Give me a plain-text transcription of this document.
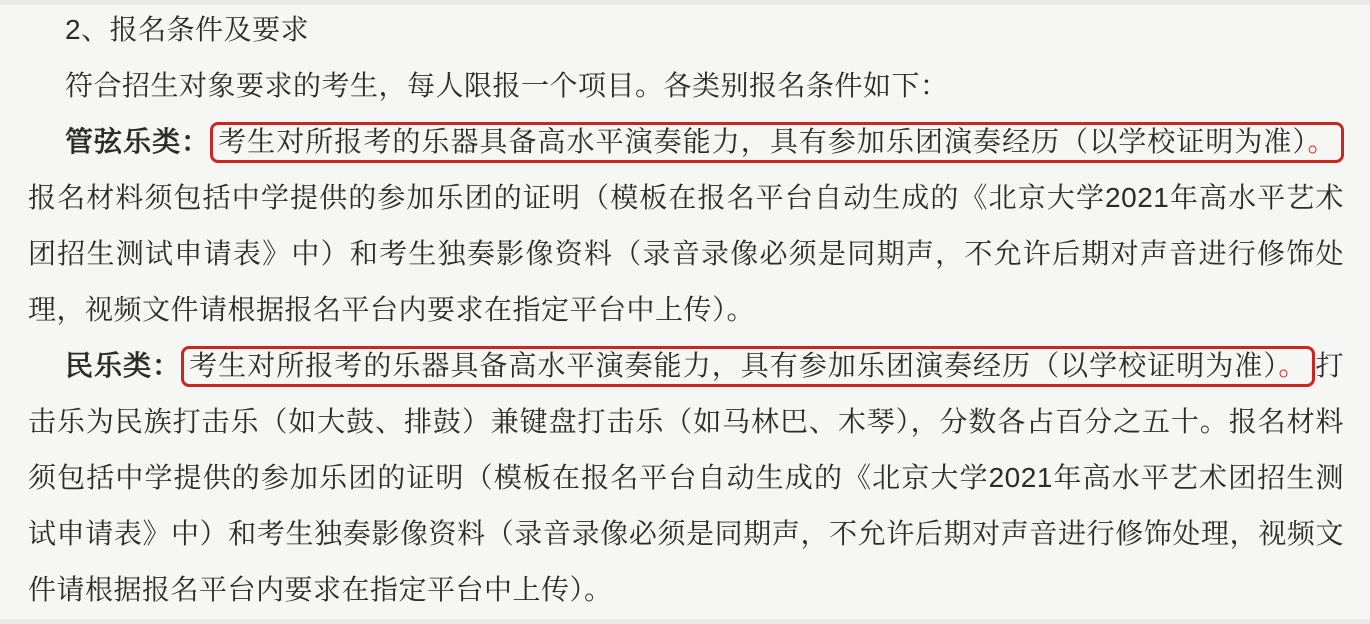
2、报名条件及要求

符合招生对象要求的考生，每人限报一个项目。各类别报名条件如下：

管弦乐类： 考生对所报考的乐器具备高水平演奏能力，具有参加乐团演奏经历（以学校证明为准）。报名材料须包括中学提供的参加乐团的证明（模板在报名平台自动生成的《北京大学2021年高水平艺术团招生测试申请表》中）和考生独奏影像资料（录音录像必须是同期声，不允许后期对声音进行修饰处理，视频文件请根据报名平台内要求在指定平台中上传）。

民乐类： 考生对所报考的乐器具备高水平演奏能力，具有参加乐团演奏经历（以学校证明为准）。 打击乐为民族打击乐（如大鼓、排鼓）兼键盘打击乐（如马林巴、木琴），分数各占百分之五十。报名材料须包括中学提供的参加乐团的证明（模板在报名平台自动生成的《北京大学2021年高水平艺术团招生测试申请表》中）和考生独奏影像资料（录音录像必须是同期声，不允许后期对声音进行修饰处理，视频文件请根据报名平台内要求在指定平台中上传）。
